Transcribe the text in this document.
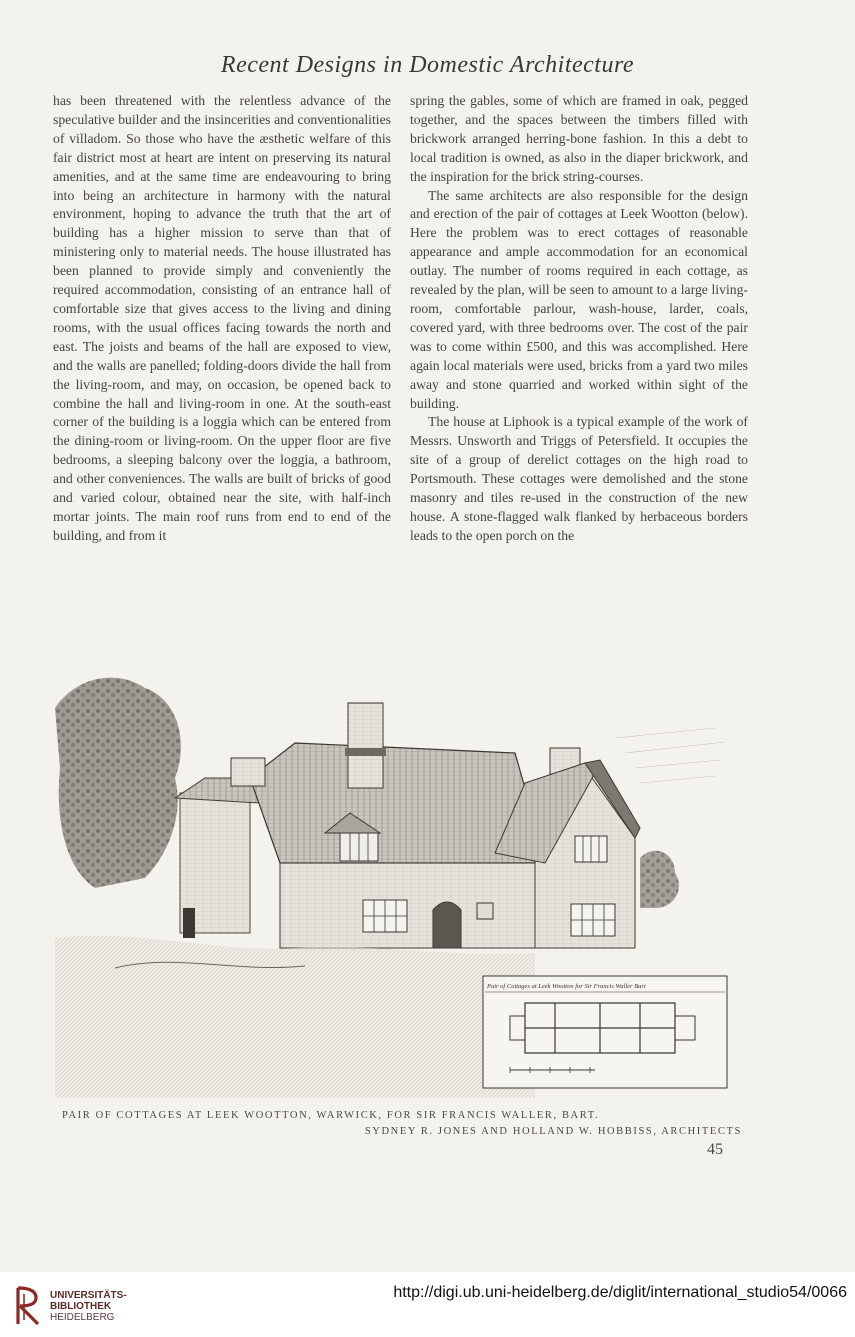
Recent Designs in Domestic Architecture

has been threatened with the relentless advance of the speculative builder and the insincerities and conventionalities of villadom. So those who have the æsthetic welfare of this fair district most at heart are intent on preserving its natural amenities, and at the same time are endeavouring to bring into being an architecture in harmony with the natural environment, hoping to advance the truth that the art of building has a higher mission to serve than that of ministering only to material needs. The house illustrated has been planned to provide simply and conveniently the required accommodation, consisting of an entrance hall of comfortable size that gives access to the living and dining rooms, with the usual offices facing towards the north and east. The joists and beams of the hall are exposed to view, and the walls are panelled; folding-doors divide the hall from the living-room, and may, on occasion, be opened back to combine the hall and living-room in one. At the south-east corner of the building is a loggia which can be entered from the dining-room or living-room. On the upper floor are five bedrooms, a sleeping balcony over the loggia, a bathroom, and other conveniences. The walls are built of bricks of good and varied colour, obtained near the site, with half-inch mortar joints. The main roof runs from end to end of the building, and from it

spring the gables, some of which are framed in oak, pegged together, and the spaces between the timbers filled with brickwork arranged herring-bone fashion. In this a debt to local tradition is owned, as also in the diaper brickwork, and the inspiration for the brick string-courses.

The same architects are also responsible for the design and erection of the pair of cottages at Leek Wootton (below). Here the problem was to erect cottages of reasonable appearance and ample accommodation for an economical outlay. The number of rooms required in each cottage, as revealed by the plan, will be seen to amount to a large living-room, comfortable parlour, wash-house, larder, coals, covered yard, with three bedrooms over. The cost of the pair was to come within £500, and this was accomplished. Here again local materials were used, bricks from a yard two miles away and stone quarried and worked within sight of the building.

The house at Liphook is a typical example of the work of Messrs. Unsworth and Triggs of Petersfield. It occupies the site of a group of derelict cottages on the high road to Portsmouth. These cottages were demolished and the stone masonry and tiles re-used in the construction of the new house. A stone-flagged walk flanked by herbaceous borders leads to the open porch on the

Pair of Cottages at Leek Wootton for Sir Francis Waller Bart
PAIR OF COTTAGES AT LEEK WOOTTON, WARWICK, FOR SIR FRANCIS WALLER, BART.
SYDNEY R. JONES AND HOLLAND W. HOBBISS, ARCHITECTS
45
UNIVERSITÄTS-
BIBLIOTHEK
HEIDELBERG
http://digi.ub.uni-heidelberg.de/diglit/international_studio54/0066
